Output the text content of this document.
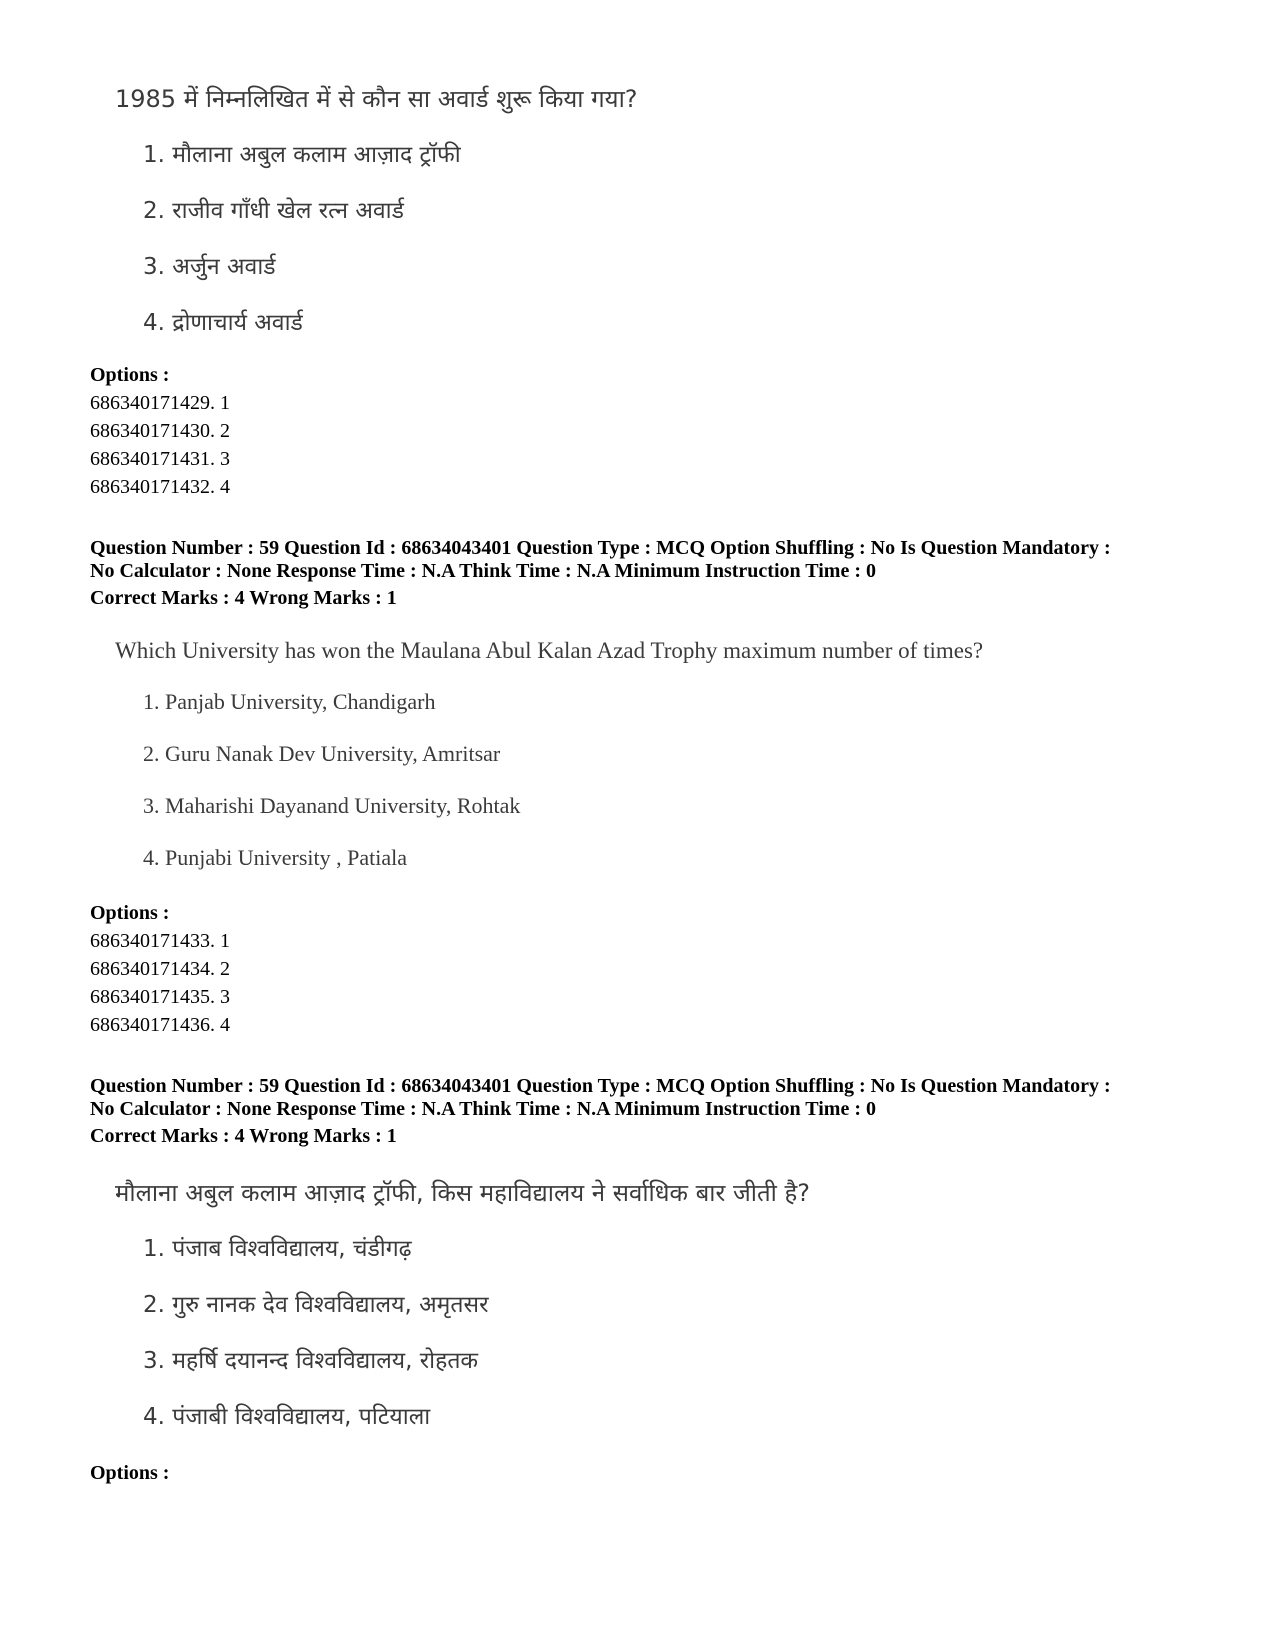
1985 में निम्नलिखित में से कौन सा अवार्ड शुरू किया गया?
1. मौलाना अबुल कलाम आज़ाद ट्रॉफी
2. राजीव गाँधी खेल रत्न अवार्ड
3. अर्जुन अवार्ड
4. द्रोणाचार्य अवार्ड
Options :
686340171429. 1
686340171430. 2
686340171431. 3
686340171432. 4
Question Number : 59 Question Id : 68634043401 Question Type : MCQ Option Shuffling : No Is Question Mandatory :
No Calculator : None Response Time : N.A Think Time : N.A Minimum Instruction Time : 0
Correct Marks : 4 Wrong Marks : 1
Which University has won the Maulana Abul Kalan Azad Trophy maximum number of times?
1. Panjab University, Chandigarh
2. Guru Nanak Dev University, Amritsar
3. Maharishi Dayanand University, Rohtak
4. Punjabi University , Patiala
Options :
686340171433. 1
686340171434. 2
686340171435. 3
686340171436. 4
Question Number : 59 Question Id : 68634043401 Question Type : MCQ Option Shuffling : No Is Question Mandatory :
No Calculator : None Response Time : N.A Think Time : N.A Minimum Instruction Time : 0
Correct Marks : 4 Wrong Marks : 1
मौलाना अबुल कलाम आज़ाद ट्रॉफी, किस महाविद्यालय ने सर्वाधिक बार जीती है?
1. पंजाब विश्वविद्यालय, चंडीगढ़
2. गुरु नानक देव विश्वविद्यालय, अमृतसर
3. महर्षि दयानन्द विश्वविद्यालय, रोहतक
4. पंजाबी विश्वविद्यालय, पटियाला
Options :
